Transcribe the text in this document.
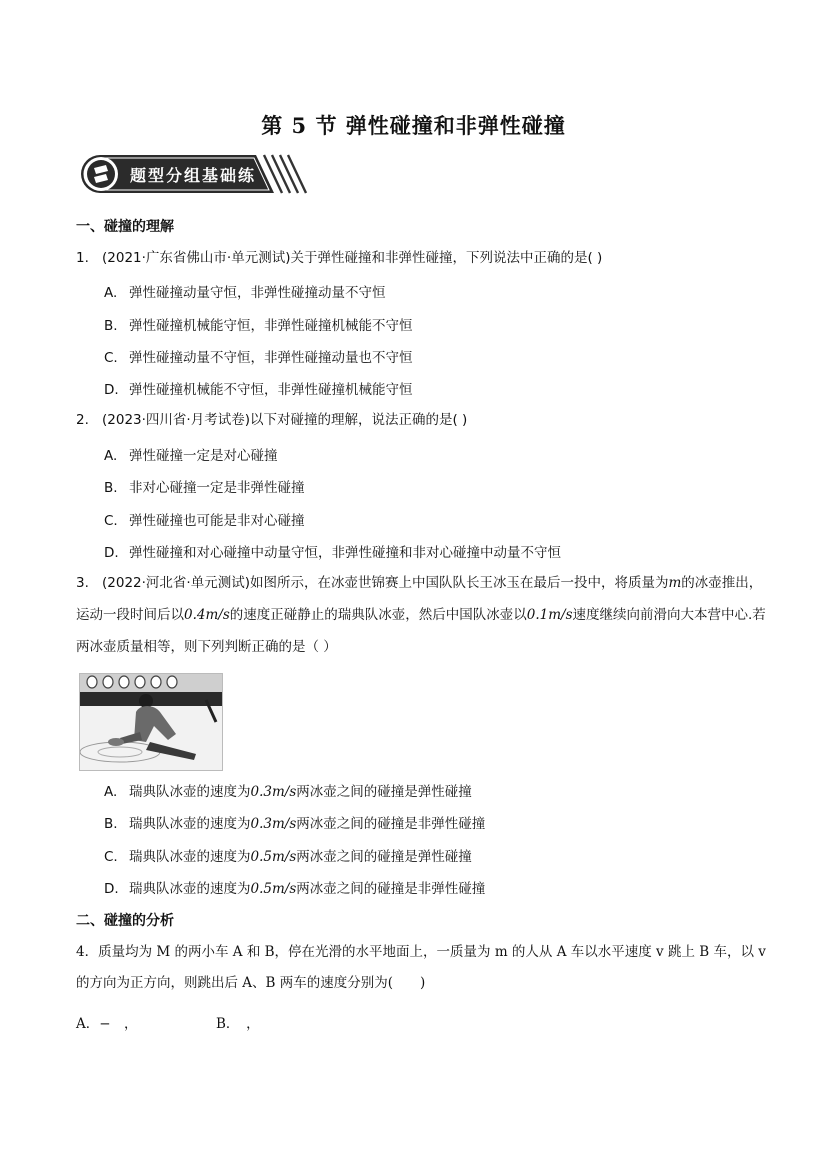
第 5 节 弹性碰撞和非弹性碰撞
题型分组基础练
一、碰撞的理解
1. (2021·广东省佛山市·单元测试)关于弹性碰撞和非弹性碰撞，下列说法中正确的是( )
A. 弹性碰撞动量守恒，非弹性碰撞动量不守恒
B. 弹性碰撞机械能守恒，非弹性碰撞机械能不守恒
C. 弹性碰撞动量不守恒，非弹性碰撞动量也不守恒
D. 弹性碰撞机械能不守恒，非弹性碰撞机械能守恒
2. (2023·四川省·月考试卷)以下对碰撞的理解，说法正确的是( )
A. 弹性碰撞一定是对心碰撞
B. 非对心碰撞一定是非弹性碰撞
C. 弹性碰撞也可能是非对心碰撞
D. 弹性碰撞和对心碰撞中动量守恒，非弹性碰撞和非对心碰撞中动量不守恒
3. (2022·河北省·单元测试)如图所示，在冰壶世锦赛上中国队队长王冰玉在最后一投中，将质量为m的冰壶推出，运动一段时间后以0.4m/s的速度正碰静止的瑞典队冰壶，然后中国队冰壶以0.1m/s速度继续向前滑向大本营中心.若两冰壶质量相等，则下列判断正确的是（ ）
A. 瑞典队冰壶的速度为0.3m/s两冰壶之间的碰撞是弹性碰撞
B. 瑞典队冰壶的速度为0.3m/s两冰壶之间的碰撞是非弹性碰撞
C. 瑞典队冰壶的速度为0.5m/s两冰壶之间的碰撞是弹性碰撞
D. 瑞典队冰壶的速度为0.5m/s两冰壶之间的碰撞是非弹性碰撞
二、碰撞的分析
4．质量均为 M 的两小车 A 和 B，停在光滑的水平地面上，一质量为 m 的人从 A 车以水平速度 v 跳上 B 车，以 v 的方向为正方向，则跳出后 A、B 两车的速度分别为(　　)
A．−　，	B．　，
